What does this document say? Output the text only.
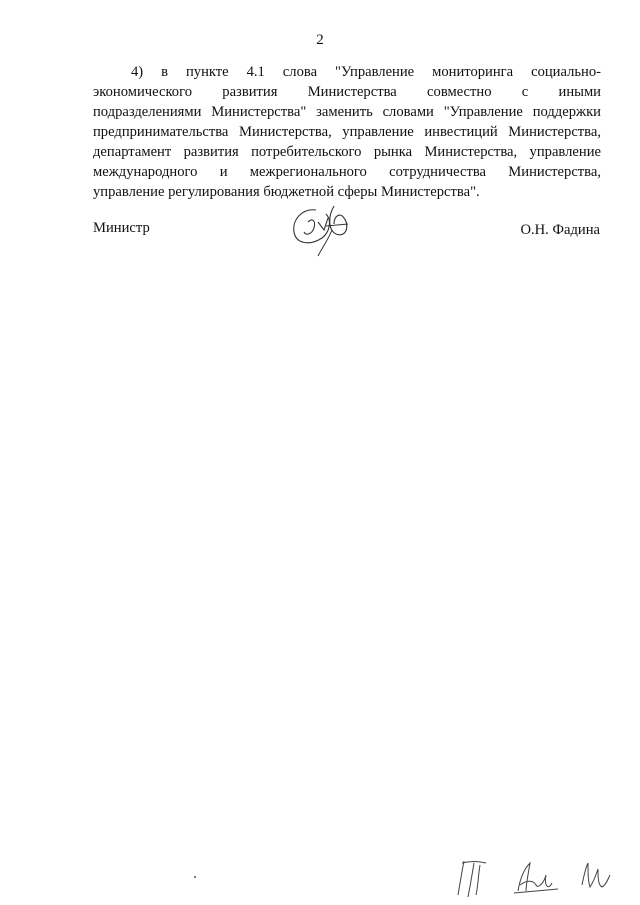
2
4) в пункте 4.1 слова "Управление мониторинга социально-
экономического развития Министерства совместно с иными
подразделениями Министерства" заменить словами "Управление поддержки
предпринимательства Министерства, управление инвестиций Министерства,
департамент развития потребительского рынка Министерства, управление
международного и межрегионального сотрудничества Министерства,
управление регулирования бюджетной сферы Министерства".
Министр	О.Н. Фадина
